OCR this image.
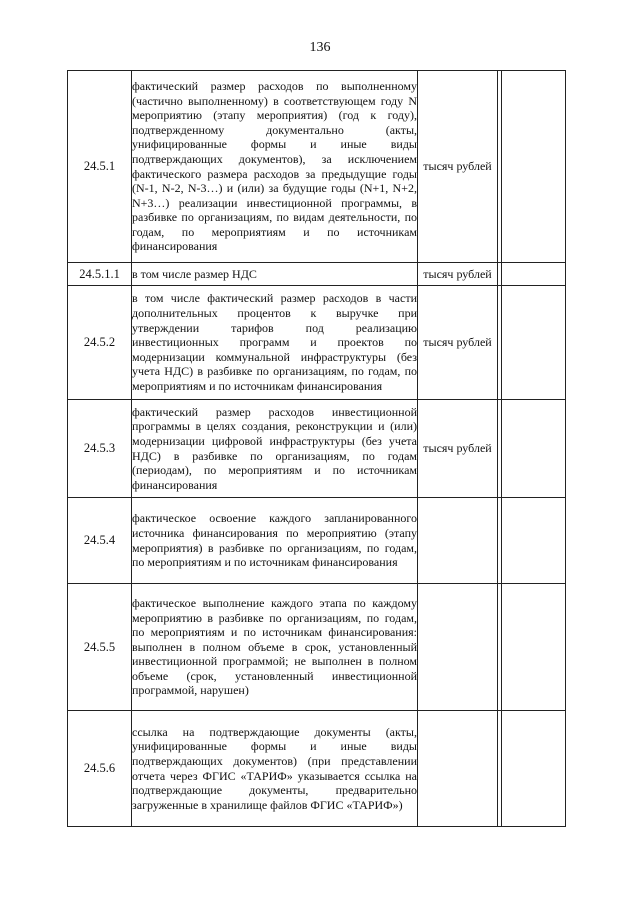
136
24.5.1	фактический размер расходов по выполненному (частично выполненному) в соответствующем году N мероприятию (этапу мероприятия) (год к году), подтвержденному документально (акты, унифицированные формы и иные виды подтверждающих документов), за исключением фактического размера расходов за предыдущие годы (N-1, N-2, N-3…) и (или) за будущие годы (N+1, N+2, N+3…) реализации инвестиционной программы, в разбивке по организациям, по видам деятельности, по годам, по мероприятиям и по источникам финансирования	тысяч рублей		
24.5.1.1	в том числе размер НДС	тысяч рублей		
24.5.2	в том числе фактический размер расходов в части дополнительных процентов к выручке при утверждении тарифов под реализацию инвестиционных программ и проектов по модернизации коммунальной инфраструктуры (без учета НДС) в разбивке по организациям, по годам, по мероприятиям и по источникам финансирования	тысяч рублей		
24.5.3	фактический размер расходов инвестиционной программы в целях создания, реконструкции и (или) модернизации цифровой инфраструктуры (без учета НДС) в разбивке по организациям, по годам (периодам), по мероприятиям и по источникам финансирования	тысяч рублей		
24.5.4	фактическое освоение каждого запланированного источника финансирования по мероприятию (этапу мероприятия) в разбивке по организациям, по годам, по мероприятиям и по источникам финансирования			

24.5.5	фактическое выполнение каждого этапа по каждому мероприятию в разбивке по организациям, по годам, по мероприятиям и по источникам финансирования: выполнен в полном объеме в срок, установленный инвестиционной программой; не выполнен в полном объеме (срок, установленный инвестиционной программой, нарушен)			

24.5.6	ссылка на подтверждающие документы (акты, унифицированные формы и иные виды подтверждающих документов) (при представлении отчета через ФГИС «ТАРИФ» указывается ссылка на подтверждающие документы, предварительно загруженные в хранилище файлов ФГИС «ТАРИФ»)			
